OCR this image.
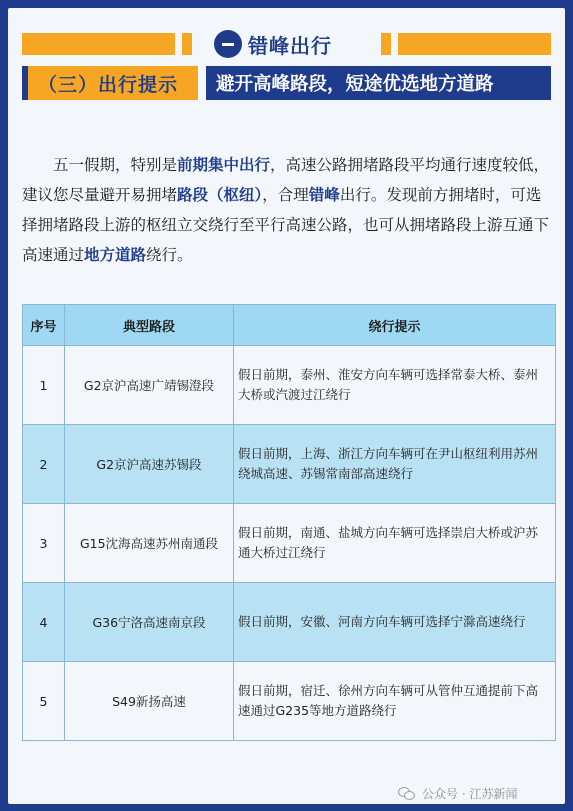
错峰出行
（三）出行提示	避开高峰路段，短途优选地方道路

五一假期，特别是前期集中出行，高速公路拥堵路段平均通行速度较低，建议您尽量避开易拥堵路段（枢纽），合理错峰出行。发现前方拥堵时，可选择拥堵路段上游的枢纽立交绕行至平行高速公路，也可从拥堵路段上游互通下高速通过地方道路绕行。

序号	典型路段	绕行提示
1	G2京沪高速广靖锡澄段	假日前期，泰州、淮安方向车辆可选择常泰大桥、泰州大桥或汽渡过江绕行
2	G2京沪高速苏锡段	假日前期，上海、浙江方向车辆可在尹山枢纽利用苏州绕城高速、苏锡常南部高速绕行
3	G15沈海高速苏州南通段	假日前期，南通、盐城方向车辆可选择崇启大桥或沪苏通大桥过江绕行
4	G36宁洛高速南京段	假日前期，安徽、河南方向车辆可选择宁滁高速绕行
5	S49新扬高速	假日前期，宿迁、徐州方向车辆可从管仲互通提前下高速通过G235等地方道路绕行
公众号 · 江苏新闻
